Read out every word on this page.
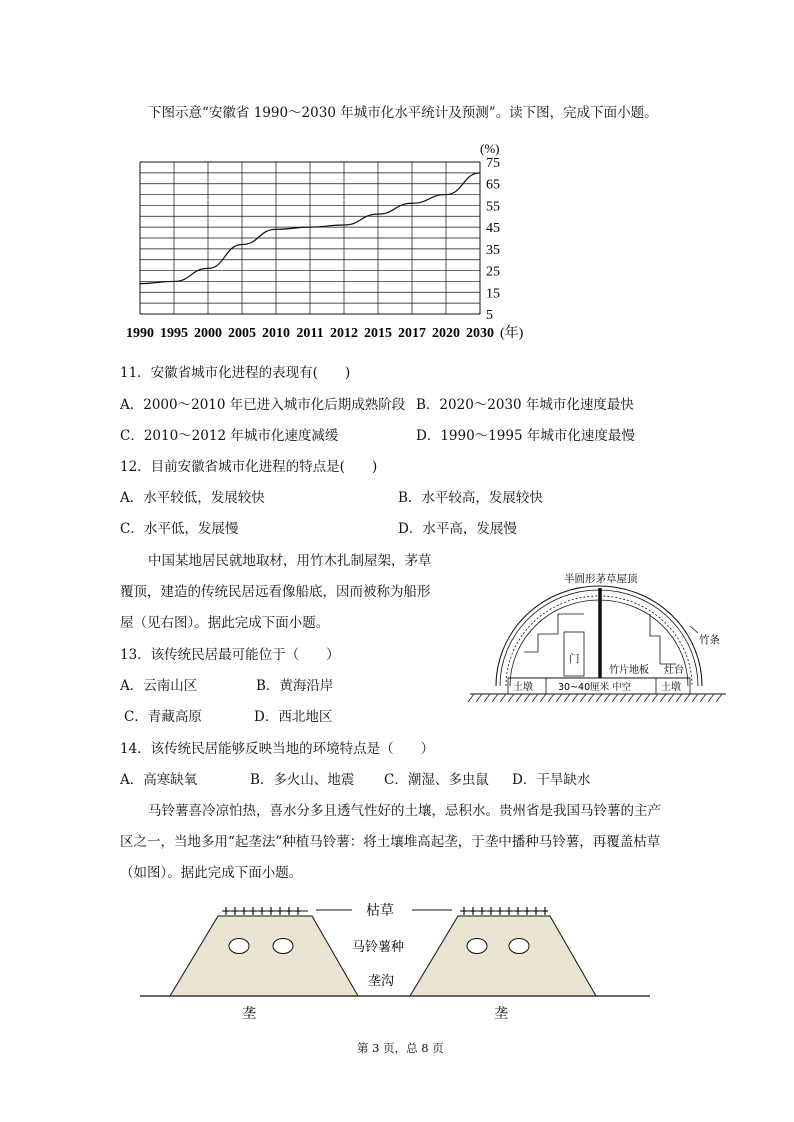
下图示意“安徽省 1990～2030 年城市化水平统计及预测”。读下图，完成下面小题。
75
65
55
45
35
25
15
5
1990 1995 2000 2005 2010 2011 2012 2015 2017 2020 2030
(%)
(年)
11．安徽省城市化进程的表现有(　　)
A．2000～2010 年已进入城市化后期成熟阶段 B．2020～2030 年城市化速度最快
C．2010～2012 年城市化速度减缓	D．1990～1995 年城市化速度最慢
12．目前安徽省城市化进程的特点是(　　)
A．水平较低，发展较快	B．水平较高，发展较快
C．水平低，发展慢	D．水平高，发展慢
中国某地居民就地取材，用竹木扎制屋架，茅草
覆顶，建造的传统民居远看像船底，因而被称为船形
屋（见右图）。据此完成下面小题。
半圆形茅草屋顶
竹条
门
竹片地板 灶台
土墩	30~40厘米 中空	土墩
13．该传统民居最可能位于（　　）
A．云南山区	B．黄海沿岸
C．青藏高原	D．西北地区
14．该传统民居能够反映当地的环境特点是（　　）
A．高寒缺氧	B．多火山、地震 C．潮湿、多虫鼠 D．干旱缺水
马铃薯喜冷凉怕热，喜水分多且透气性好的土壤，忌积水。贵州省是我国马铃薯的主产
区之一，当地多用“起垄法”种植马铃薯：将土壤堆高起垄，于垄中播种马铃薯，再覆盖枯草
（如图）。据此完成下面小题。
枯草
马铃薯种
垄沟
垄	垄
第 3 页，总 8 页
